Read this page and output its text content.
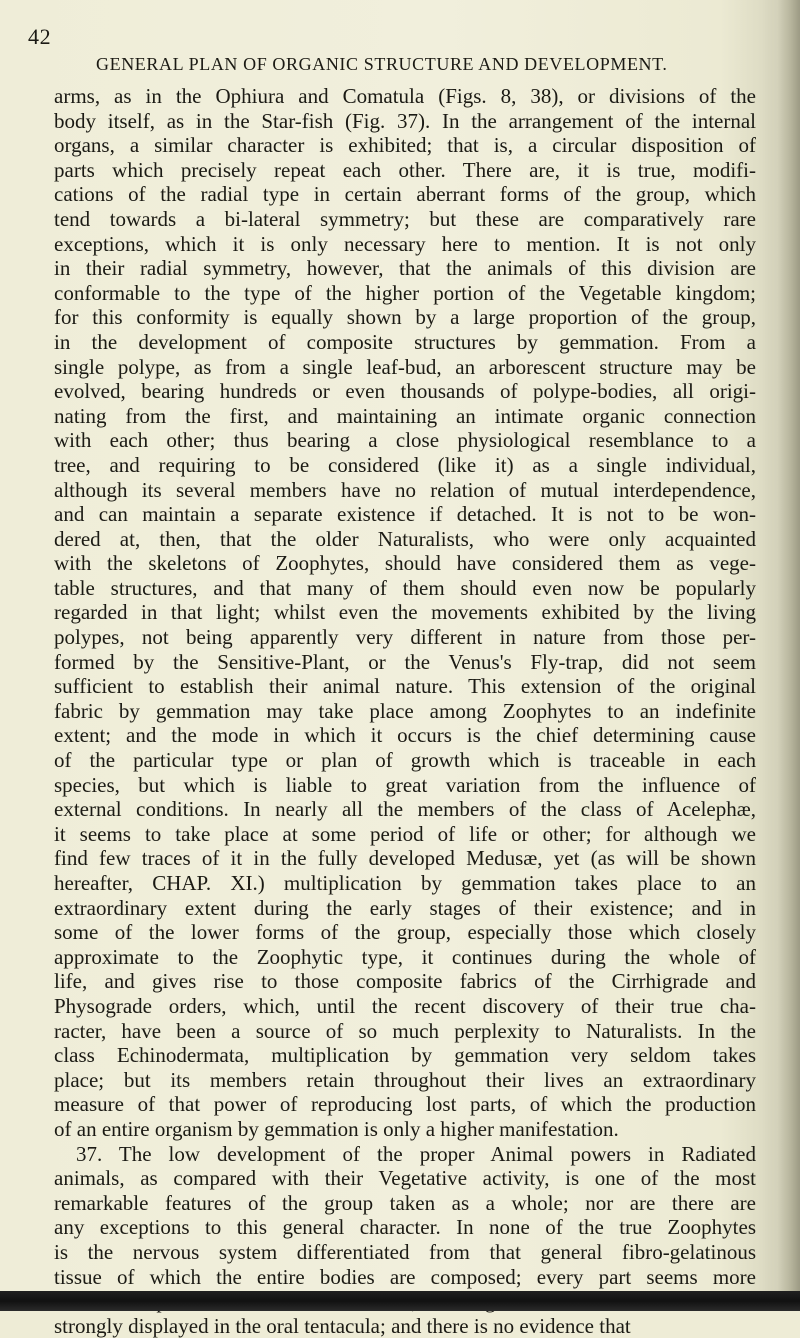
42
GENERAL PLAN OF ORGANIC STRUCTURE AND DEVELOPMENT.
arms, as in the Ophiura and Comatula (Figs. 8, 38), or divisions of the
body itself, as in the Star-fish (Fig. 37). In the arrangement of the internal
organs, a similar character is exhibited; that is, a circular disposition of
parts which precisely repeat each other. There are, it is true, modifi-
cations of the radial type in certain aberrant forms of the group, which
tend towards a bi-lateral symmetry; but these are comparatively rare
exceptions, which it is only necessary here to mention. It is not only
in their radial symmetry, however, that the animals of this division are
conformable to the type of the higher portion of the Vegetable kingdom;
for this conformity is equally shown by a large proportion of the group,
in the development of composite structures by gemmation. From a
single polype, as from a single leaf-bud, an arborescent structure may be
evolved, bearing hundreds or even thousands of polype-bodies, all origi-
nating from the first, and maintaining an intimate organic connection
with each other; thus bearing a close physiological resemblance to a
tree, and requiring to be considered (like it) as a single individual,
although its several members have no relation of mutual interdependence,
and can maintain a separate existence if detached. It is not to be won-
dered at, then, that the older Naturalists, who were only acquainted
with the skeletons of Zoophytes, should have considered them as vege-
table structures, and that many of them should even now be popularly
regarded in that light; whilst even the movements exhibited by the living
polypes, not being apparently very different in nature from those per-
formed by the Sensitive-Plant, or the Venus's Fly-trap, did not seem
sufficient to establish their animal nature. This extension of the original
fabric by gemmation may take place among Zoophytes to an indefinite
extent; and the mode in which it occurs is the chief determining cause
of the particular type or plan of growth which is traceable in each
species, but which is liable to great variation from the influence of
external conditions. In nearly all the members of the class of Acelephæ,
it seems to take place at some period of life or other; for although we
find few traces of it in the fully developed Medusæ, yet (as will be shown
hereafter, CHAP. XI.) multiplication by gemmation takes place to an
extraordinary extent during the early stages of their existence; and in
some of the lower forms of the group, especially those which closely
approximate to the Zoophytic type, it continues during the whole of
life, and gives rise to those composite fabrics of the Cirrhigrade and
Physograde orders, which, until the recent discovery of their true cha-
racter, have been a source of so much perplexity to Naturalists. In the
class Echinodermata, multiplication by gemmation very seldom takes
place; but its members retain throughout their lives an extraordinary
measure of that power of reproducing lost parts, of which the production
of an entire organism by gemmation is only a higher manifestation.
37. The low development of the proper Animal powers in Radiated
animals, as compared with their Vegetative activity, is one of the most
remarkable features of the group taken as a whole; nor are there are
any exceptions to this general character. In none of the true Zoophytes
is the nervous system differentiated from that general fibro-gelatinous
tissue of which the entire bodies are composed; every part seems more
strongly displayed in the oral tentacula; and there is no evidence that
